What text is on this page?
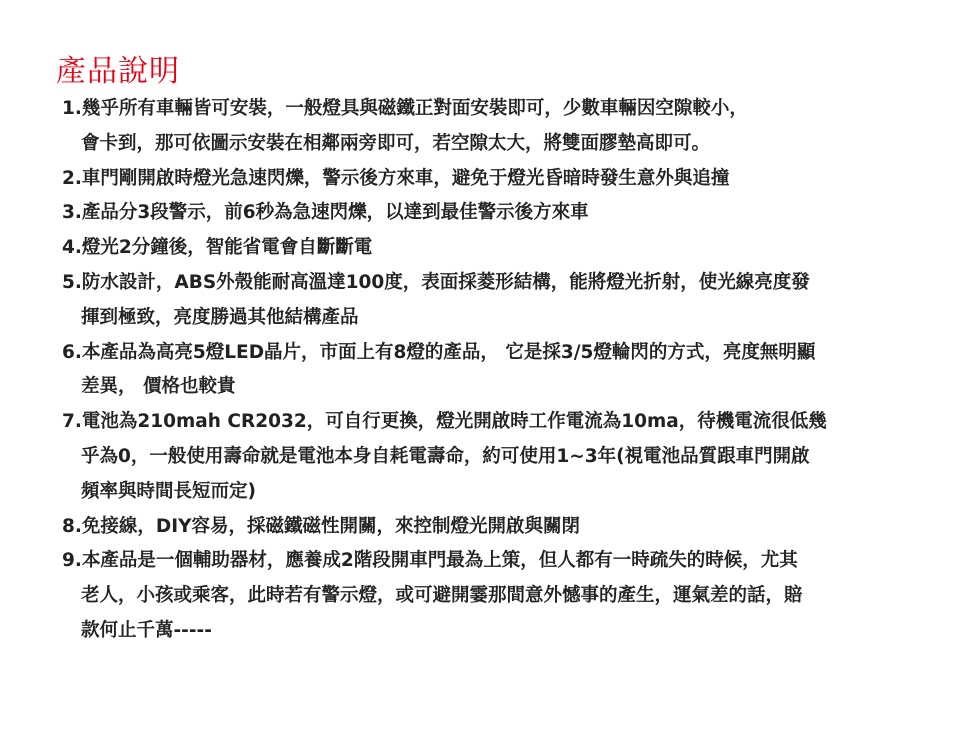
產品說明
1.幾乎所有車輛皆可安裝，一般燈具與磁鐵正對面安裝即可，少數車輛因空隙較小，
會卡到，那可依圖示安裝在相鄰兩旁即可，若空隙太大，將雙面膠墊高即可。
2.車門剛開啟時燈光急速閃爍，警示後方來車，避免于燈光昏暗時發生意外與追撞
3.產品分3段警示，前6秒為急速閃爍，以達到最佳警示後方來車
4.燈光2分鐘後，智能省電會自斷斷電
5.防水設計，ABS外殼能耐高溫達100度，表面採菱形結構，能將燈光折射，使光線亮度發
揮到極致，亮度勝過其他結構產品
6.本產品為高亮5燈LED晶片，市面上有8燈的產品， 它是採3/5燈輪閃的方式，亮度無明顯
差異， 價格也較貴
7.電池為210mah CR2032，可自行更換，燈光開啟時工作電流為10ma，待機電流很低幾
乎為0，一般使用壽命就是電池本身自耗電壽命，約可使用1~3年(視電池品質跟車門開啟
頻率與時間長短而定)
8.免接線，DIY容易，採磁鐵磁性開關，來控制燈光開啟與關閉
9.本產品是一個輔助器材，應養成2階段開車門最為上策，但人都有一時疏失的時候，尤其
老人，小孩或乘客，此時若有警示燈，或可避開霎那間意外憾事的產生，運氣差的話，賠
款何止千萬-----
